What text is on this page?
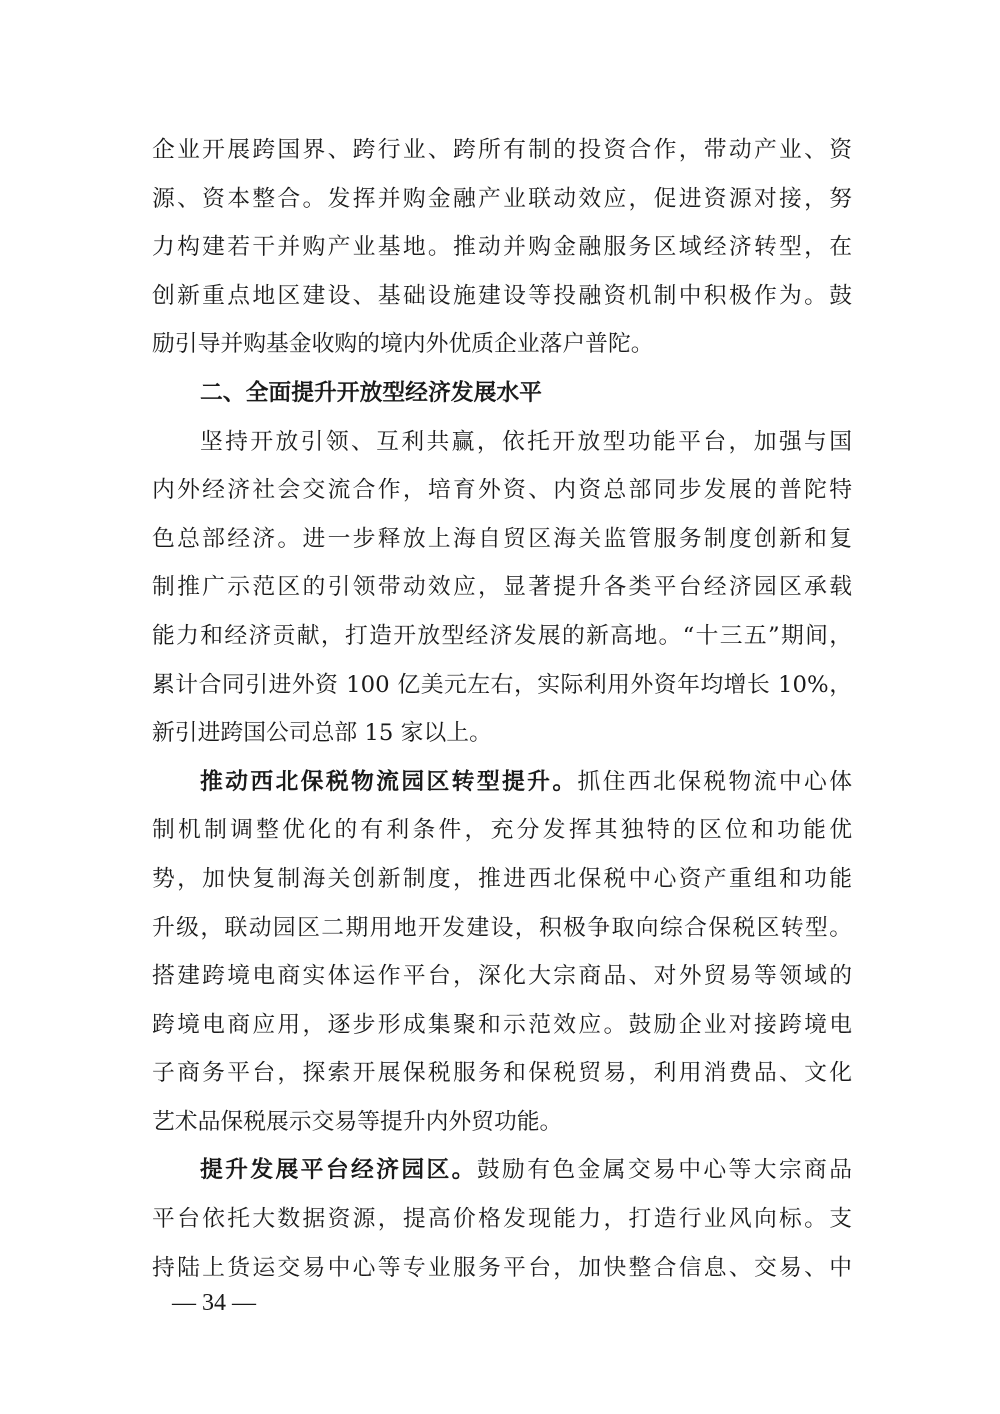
企业开展跨国界、跨行业、跨所有制的投资合作，带动产业、资
源、资本整合。发挥并购金融产业联动效应，促进资源对接，努
力构建若干并购产业基地。推动并购金融服务区域经济转型，在
创新重点地区建设、基础设施建设等投融资机制中积极作为。鼓
励引导并购基金收购的境内外优质企业落户普陀。
二、全面提升开放型经济发展水平
坚持开放引领、互利共赢，依托开放型功能平台，加强与国
内外经济社会交流合作，培育外资、内资总部同步发展的普陀特
色总部经济。进一步释放上海自贸区海关监管服务制度创新和复
制推广示范区的引领带动效应，显著提升各类平台经济园区承载
能力和经济贡献，打造开放型经济发展的新高地。“十三五”期间，
累计合同引进外资 100 亿美元左右，实际利用外资年均增长 10%，
新引进跨国公司总部 15 家以上。
推动西北保税物流园区转型提升。抓住西北保税物流中心体
制机制调整优化的有利条件，充分发挥其独特的区位和功能优
势，加快复制海关创新制度，推进西北保税中心资产重组和功能
升级，联动园区二期用地开发建设，积极争取向综合保税区转型。
搭建跨境电商实体运作平台，深化大宗商品、对外贸易等领域的
跨境电商应用，逐步形成集聚和示范效应。鼓励企业对接跨境电
子商务平台，探索开展保税服务和保税贸易，利用消费品、文化
艺术品保税展示交易等提升内外贸功能。
提升发展平台经济园区。鼓励有色金属交易中心等大宗商品
平台依托大数据资源，提高价格发现能力，打造行业风向标。支
持陆上货运交易中心等专业服务平台，加快整合信息、交易、中
— 34 —
